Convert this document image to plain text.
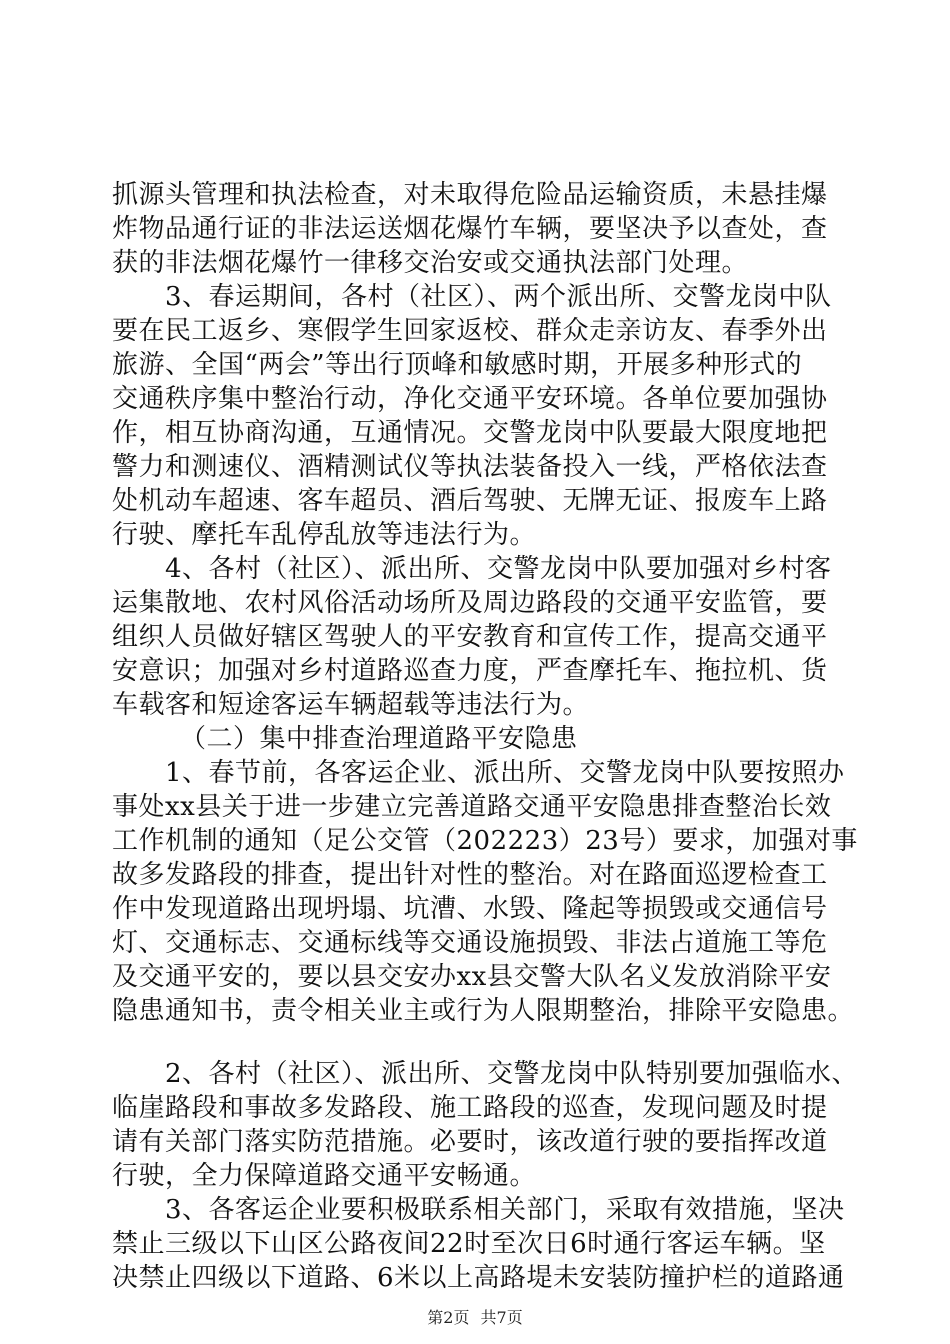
抓源头管理和执法检查，对未取得危险品运输资质，未悬挂爆
炸物品通行证的非法运送烟花爆竹车辆，要坚决予以查处，查
获的非法烟花爆竹一律移交治安或交通执法部门处理。
3、春运期间，各村（社区）、两个派出所、交警龙岗中队
要在民工返乡、寒假学生回家返校、群众走亲访友、春季外出
旅游、全国“两会”等出行顶峰和敏感时期，开展多种形式的
交通秩序集中整治行动，净化交通平安环境。各单位要加强协
作，相互协商沟通，互通情况。交警龙岗中队要最大限度地把
警力和测速仪、酒精测试仪等执法装备投入一线，严格依法查
处机动车超速、客车超员、酒后驾驶、无牌无证、报废车上路
行驶、摩托车乱停乱放等违法行为。
4、各村（社区）、派出所、交警龙岗中队要加强对乡村客
运集散地、农村风俗活动场所及周边路段的交通平安监管，要
组织人员做好辖区驾驶人的平安教育和宣传工作，提高交通平
安意识；加强对乡村道路巡查力度，严查摩托车、拖拉机、货
车载客和短途客运车辆超载等违法行为。
（二）集中排查治理道路平安隐患
1、春节前，各客运企业、派出所、交警龙岗中队要按照办
事处xx县关于进一步建立完善道路交通平安隐患排查整治长效
工作机制的通知（足公交管（202223）23号）要求，加强对事
故多发路段的排查，提出针对性的整治。对在路面巡逻检查工
作中发现道路出现坍塌、坑漕、水毁、隆起等损毁或交通信号
灯、交通标志、交通标线等交通设施损毁、非法占道施工等危
及交通平安的，要以县交安办xx县交警大队名义发放消除平安
隐患通知书，责令相关业主或行为人限期整治，排除平安隐患。
2、各村（社区）、派出所、交警龙岗中队特别要加强临水、
临崖路段和事故多发路段、施工路段的巡查，发现问题及时提
请有关部门落实防范措施。必要时，该改道行驶的要指挥改道
行驶，全力保障道路交通平安畅通。
3、各客运企业要积极联系相关部门，采取有效措施，坚决
禁止三级以下山区公路夜间22时至次日6时通行客运车辆。坚
决禁止四级以下道路、6米以上高路堤未安装防撞护栏的道路通
第2页 共7页
